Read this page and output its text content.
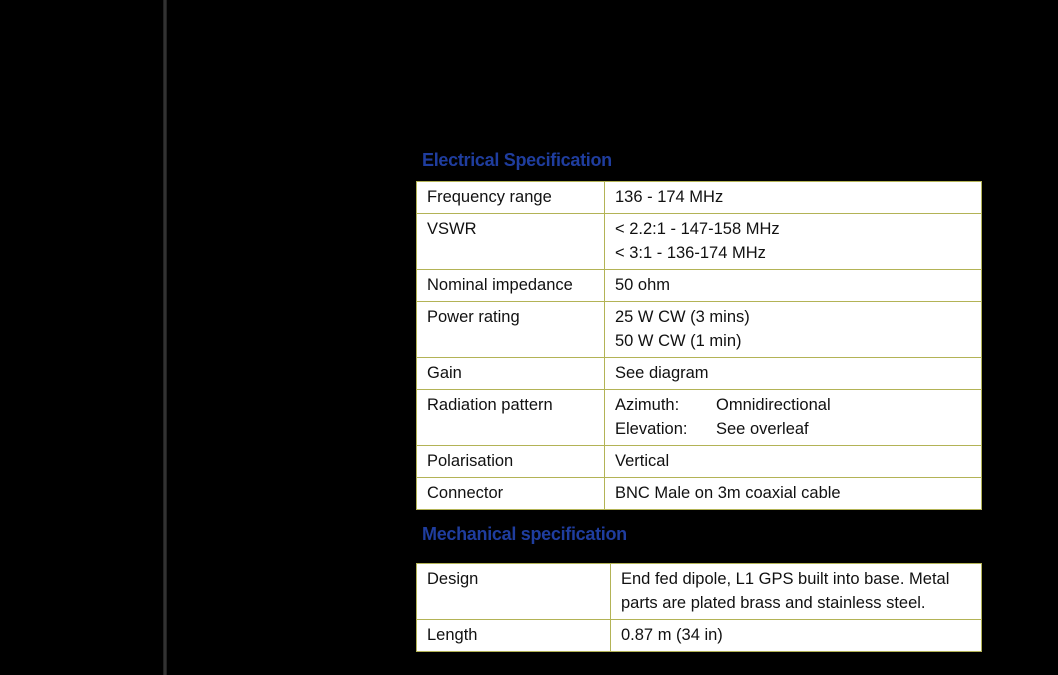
Electrical Specification
Frequency range	136 - 174 MHz

VSWR	< 2.2:1 - 147-158 MHz
< 3:1 - 136-174 MHz

Nominal impedance	50 ohm

Power rating	25 W CW (3 mins)
50 W CW (1 min)

Gain	See diagram

Radiation pattern	Azimuth: Omnidirectional
Elevation: See overleaf

Polarisation	Vertical

Connector	BNC Male on 3m coaxial cable
Mechanical specification
Design	End fed dipole, L1 GPS built into base. Metal parts are plated brass and stainless steel.
Length	0.87 m (34 in)
